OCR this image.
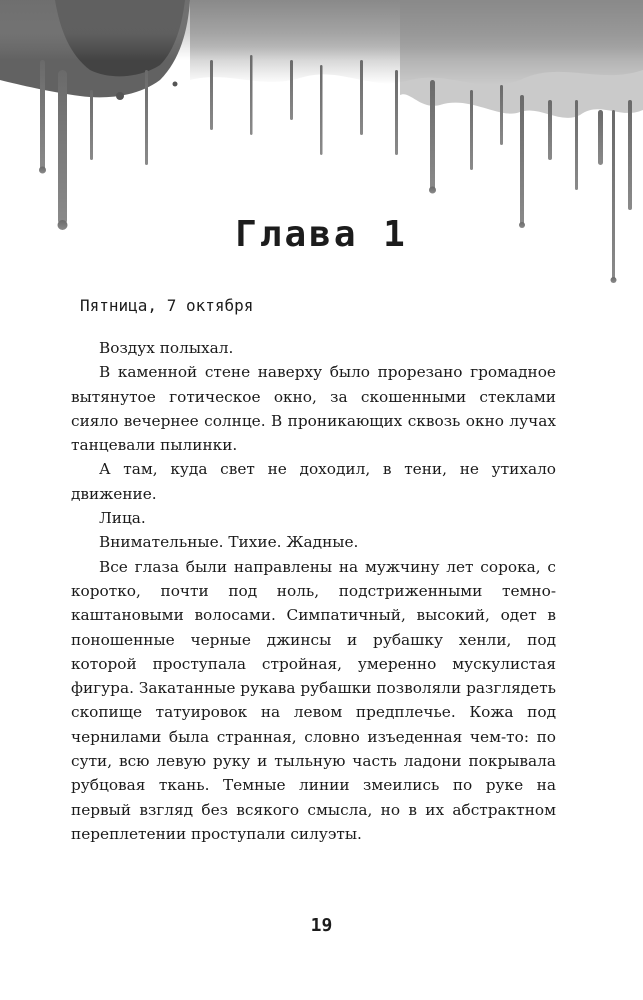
Глава 1
Пятница, 7 октября

Воздух полыхал.

В каменной стене наверху было прорезано громадное вытянутое готическое окно, за скошенными стеклами сияло вечернее солнце. В проникающих сквозь окно лучах танцевали пылинки.

А там, куда свет не доходил, в тени, не утихало движение.

Лица.

Внимательные. Тихие. Жадные.

Все глаза были направлены на мужчину лет сорока, с коротко, почти под ноль, подстриженными темно-каштановыми волосами. Симпатичный, высокий, одет в поношенные черные джинсы и рубашку хенли, под которой проступала стройная, умеренно мускулистая фигура. Закатанные рукава рубашки позволяли разглядеть скопище татуировок на левом предплечье. Кожа под чернилами была странная, словно изъеденная чем-то: по сути, всю левую руку и тыльную часть ладони покрывала рубцовая ткань. Темные линии змеились по руке на первый взгляд без всякого смысла, но в их абстрактном переплетении проступали силуэты.

19
